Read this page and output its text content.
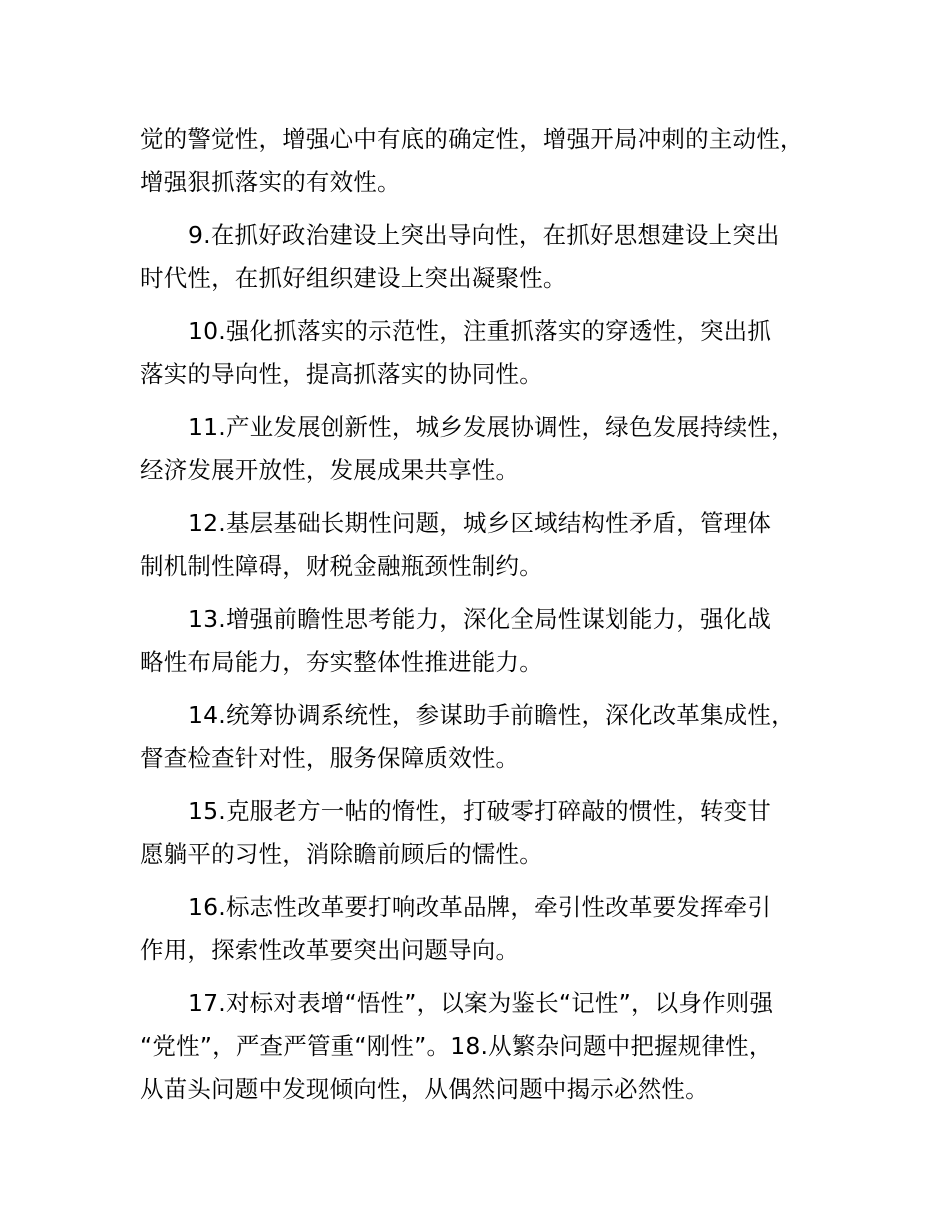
觉的警觉性，增强心中有底的确定性，增强开局冲刺的主动性，
增强狠抓落实的有效性。

9.在抓好政治建设上突出导向性，在抓好思想建设上突出
时代性，在抓好组织建设上突出凝聚性。

10.强化抓落实的示范性，注重抓落实的穿透性，突出抓
落实的导向性，提高抓落实的协同性。

11.产业发展创新性，城乡发展协调性，绿色发展持续性，
经济发展开放性，发展成果共享性。

12.基层基础长期性问题，城乡区域结构性矛盾，管理体
制机制性障碍，财税金融瓶颈性制约。

13.增强前瞻性思考能力，深化全局性谋划能力，强化战
略性布局能力，夯实整体性推进能力。

14.统筹协调系统性，参谋助手前瞻性，深化改革集成性，
督查检查针对性，服务保障质效性。

15.克服老方一帖的惰性，打破零打碎敲的惯性，转变甘
愿躺平的习性，消除瞻前顾后的懦性。

16.标志性改革要打响改革品牌，牵引性改革要发挥牵引
作用，探索性改革要突出问题导向。

17.对标对表增“悟性”，以案为鉴长“记性”，以身作则强
“党性”，严查严管重“刚性”。18.从繁杂问题中把握规律性，
从苗头问题中发现倾向性，从偶然问题中揭示必然性。
